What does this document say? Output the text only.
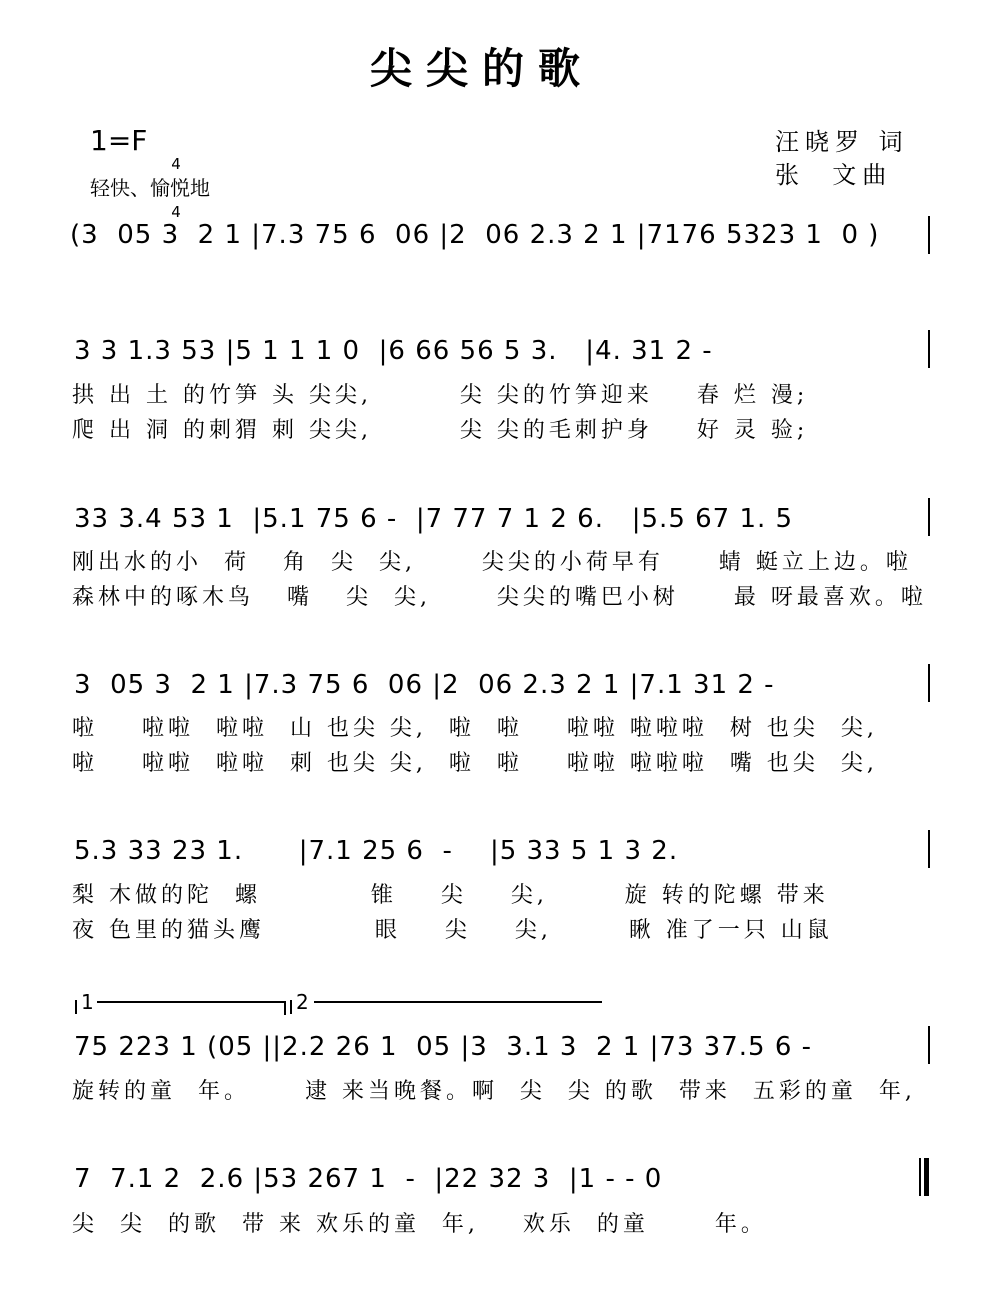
尖尖的歌
1=F

4

4

轻快、愉悦地
汪晓罗 词
张  文曲
(3  05 3  2 1 |7.3 75 6  06 |2  06 2.3 2 1 |7176 5323 1  0 )
3 3 1.3 53 |5 1 1 1 0  |6 66 56 5 3.   |4. 31 2 -
拱 出 土 的竹笋 头 尖尖,        尖 尖的竹笋迎来    春 烂 漫;
爬 出 洞 的刺猬 刺 尖尖,        尖 尖的毛刺护身    好 灵 验;
33 3.4 53 1  |5.1 75 6 -  |7 77 7 1 2 6.   |5.5 67 1. 5
刚出水的小  荷   角  尖  尖,      尖尖的小荷早有     蜻 蜓立上边。啦
森林中的啄木鸟   嘴   尖  尖,      尖尖的嘴巴小树     最 呀最喜欢。啦
3  05 3  2 1 |7.3 75 6  06 |2  06 2.3 2 1 |7.1 31 2 -
啦    啦啦  啦啦  山 也尖 尖,  啦  啦    啦啦 啦啦啦  树 也尖  尖,
啦    啦啦  啦啦  刺 也尖 尖,  啦  啦    啦啦 啦啦啦  嘴 也尖  尖,
5.3 33 23 1.      |7.1 25 6  -    |5 33 5 1 3 2.
梨 木做的陀  螺          锥    尖    尖,       旋 转的陀螺 带来
夜 色里的猫头鹰          眼    尖    尖,       瞅 准了一只 山鼠
1	2
75 223 1 (05 ||2.2 26 1  05 |3  3.1 3  2 1 |73 37.5 6 -
旋转的童  年。     逮 来当晚餐。啊  尖  尖 的歌  带来  五彩的童  年,
7  7.1 2  2.6 |53 267 1  -  |22 32 3  |1 - - 0
尖  尖  的歌  带 来 欢乐的童  年,    欢乐  的童      年。
